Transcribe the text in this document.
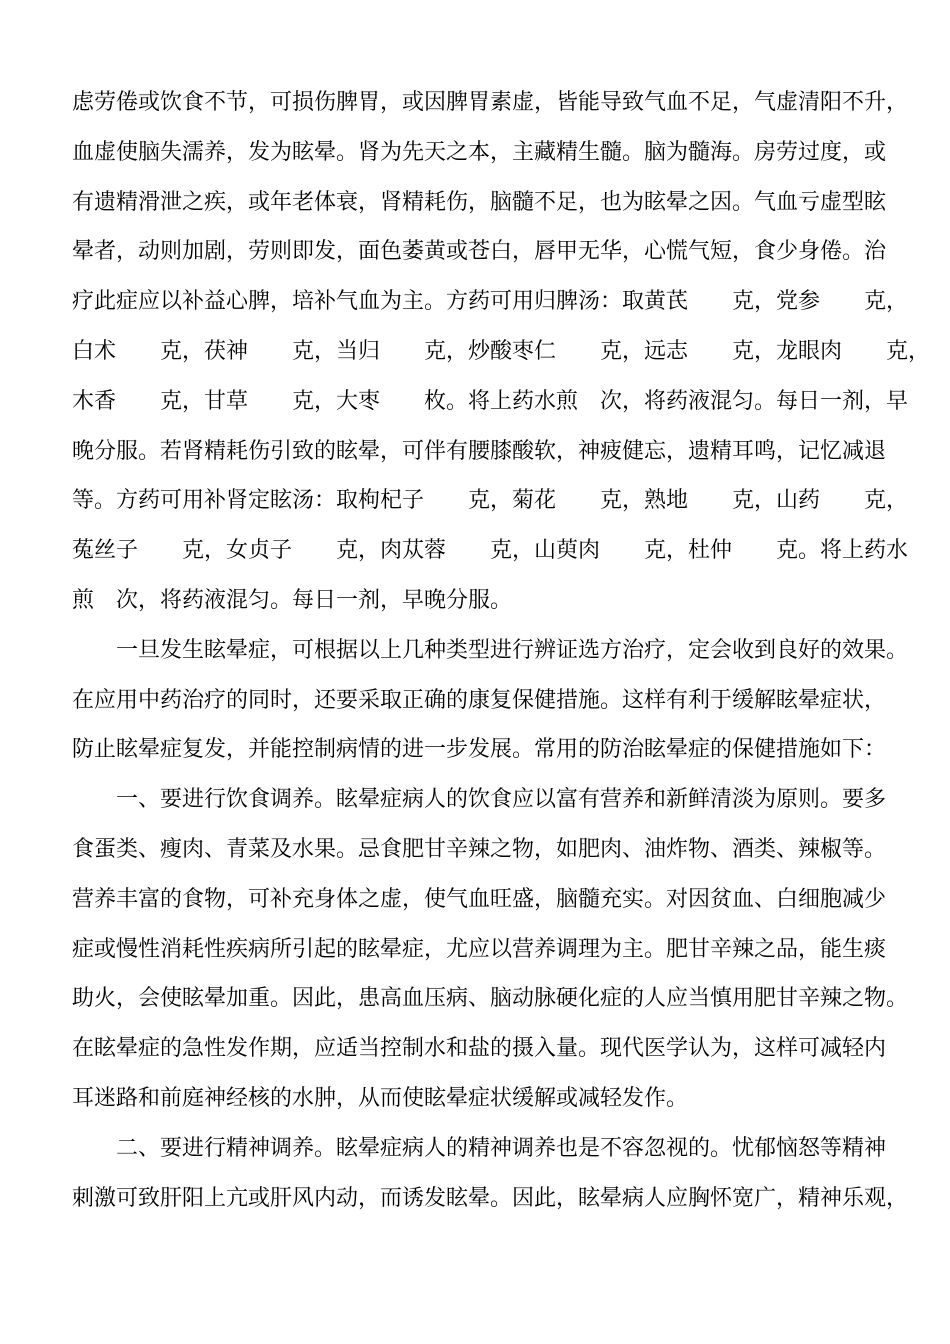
虑劳倦或饮食不节，可损伤脾胃，或因脾胃素虚，皆能导致气血不足，气虚清阳不升，
血虚使脑失濡养，发为眩晕。肾为先天之本，主藏精生髓。脑为髓海。房劳过度，或
有遗精滑泄之疾，或年老体衰，肾精耗伤，脑髓不足，也为眩晕之因。气血亏虚型眩
晕者，动则加剧，劳则即发，面色萎黄或苍白，唇甲无华，心慌气短，食少身倦。治
疗此症应以补益心脾，培补气血为主。方药可用归脾汤：取黄芪　　克，党参　　克，
白术　　克，茯神　　克，当归　　克，炒酸枣仁　　克，远志　　克，龙眼肉　　克，
木香　　克，甘草　　克，大枣　　枚。将上药水煎　次，将药液混匀。每日一剂，早
晚分服。若肾精耗伤引致的眩晕，可伴有腰膝酸软，神疲健忘，遗精耳鸣，记忆减退
等。方药可用补肾定眩汤：取枸杞子　　克，菊花　　克，熟地　　克，山药　　克，
菟丝子　　克，女贞子　　克，肉苁蓉　　克，山萸肉　　克，杜仲　　克。将上药水
煎　次，将药液混匀。每日一剂，早晚分服。
　　一旦发生眩晕症，可根据以上几种类型进行辨证选方治疗，定会收到良好的效果。
在应用中药治疗的同时，还要采取正确的康复保健措施。这样有利于缓解眩晕症状，
防止眩晕症复发，并能控制病情的进一步发展。常用的防治眩晕症的保健措施如下：
　　一、要进行饮食调养。眩晕症病人的饮食应以富有营养和新鲜清淡为原则。要多
食蛋类、瘦肉、青菜及水果。忌食肥甘辛辣之物，如肥肉、油炸物、酒类、辣椒等。
营养丰富的食物，可补充身体之虚，使气血旺盛，脑髓充实。对因贫血、白细胞减少
症或慢性消耗性疾病所引起的眩晕症，尤应以营养调理为主。肥甘辛辣之品，能生痰
助火，会使眩晕加重。因此，患高血压病、脑动脉硬化症的人应当慎用肥甘辛辣之物。
在眩晕症的急性发作期，应适当控制水和盐的摄入量。现代医学认为，这样可减轻内
耳迷路和前庭神经核的水肿，从而使眩晕症状缓解或减轻发作。
　　二、要进行精神调养。眩晕症病人的精神调养也是不容忽视的。忧郁恼怒等精神
刺激可致肝阳上亢或肝风内动，而诱发眩晕。因此，眩晕病人应胸怀宽广，精神乐观，
